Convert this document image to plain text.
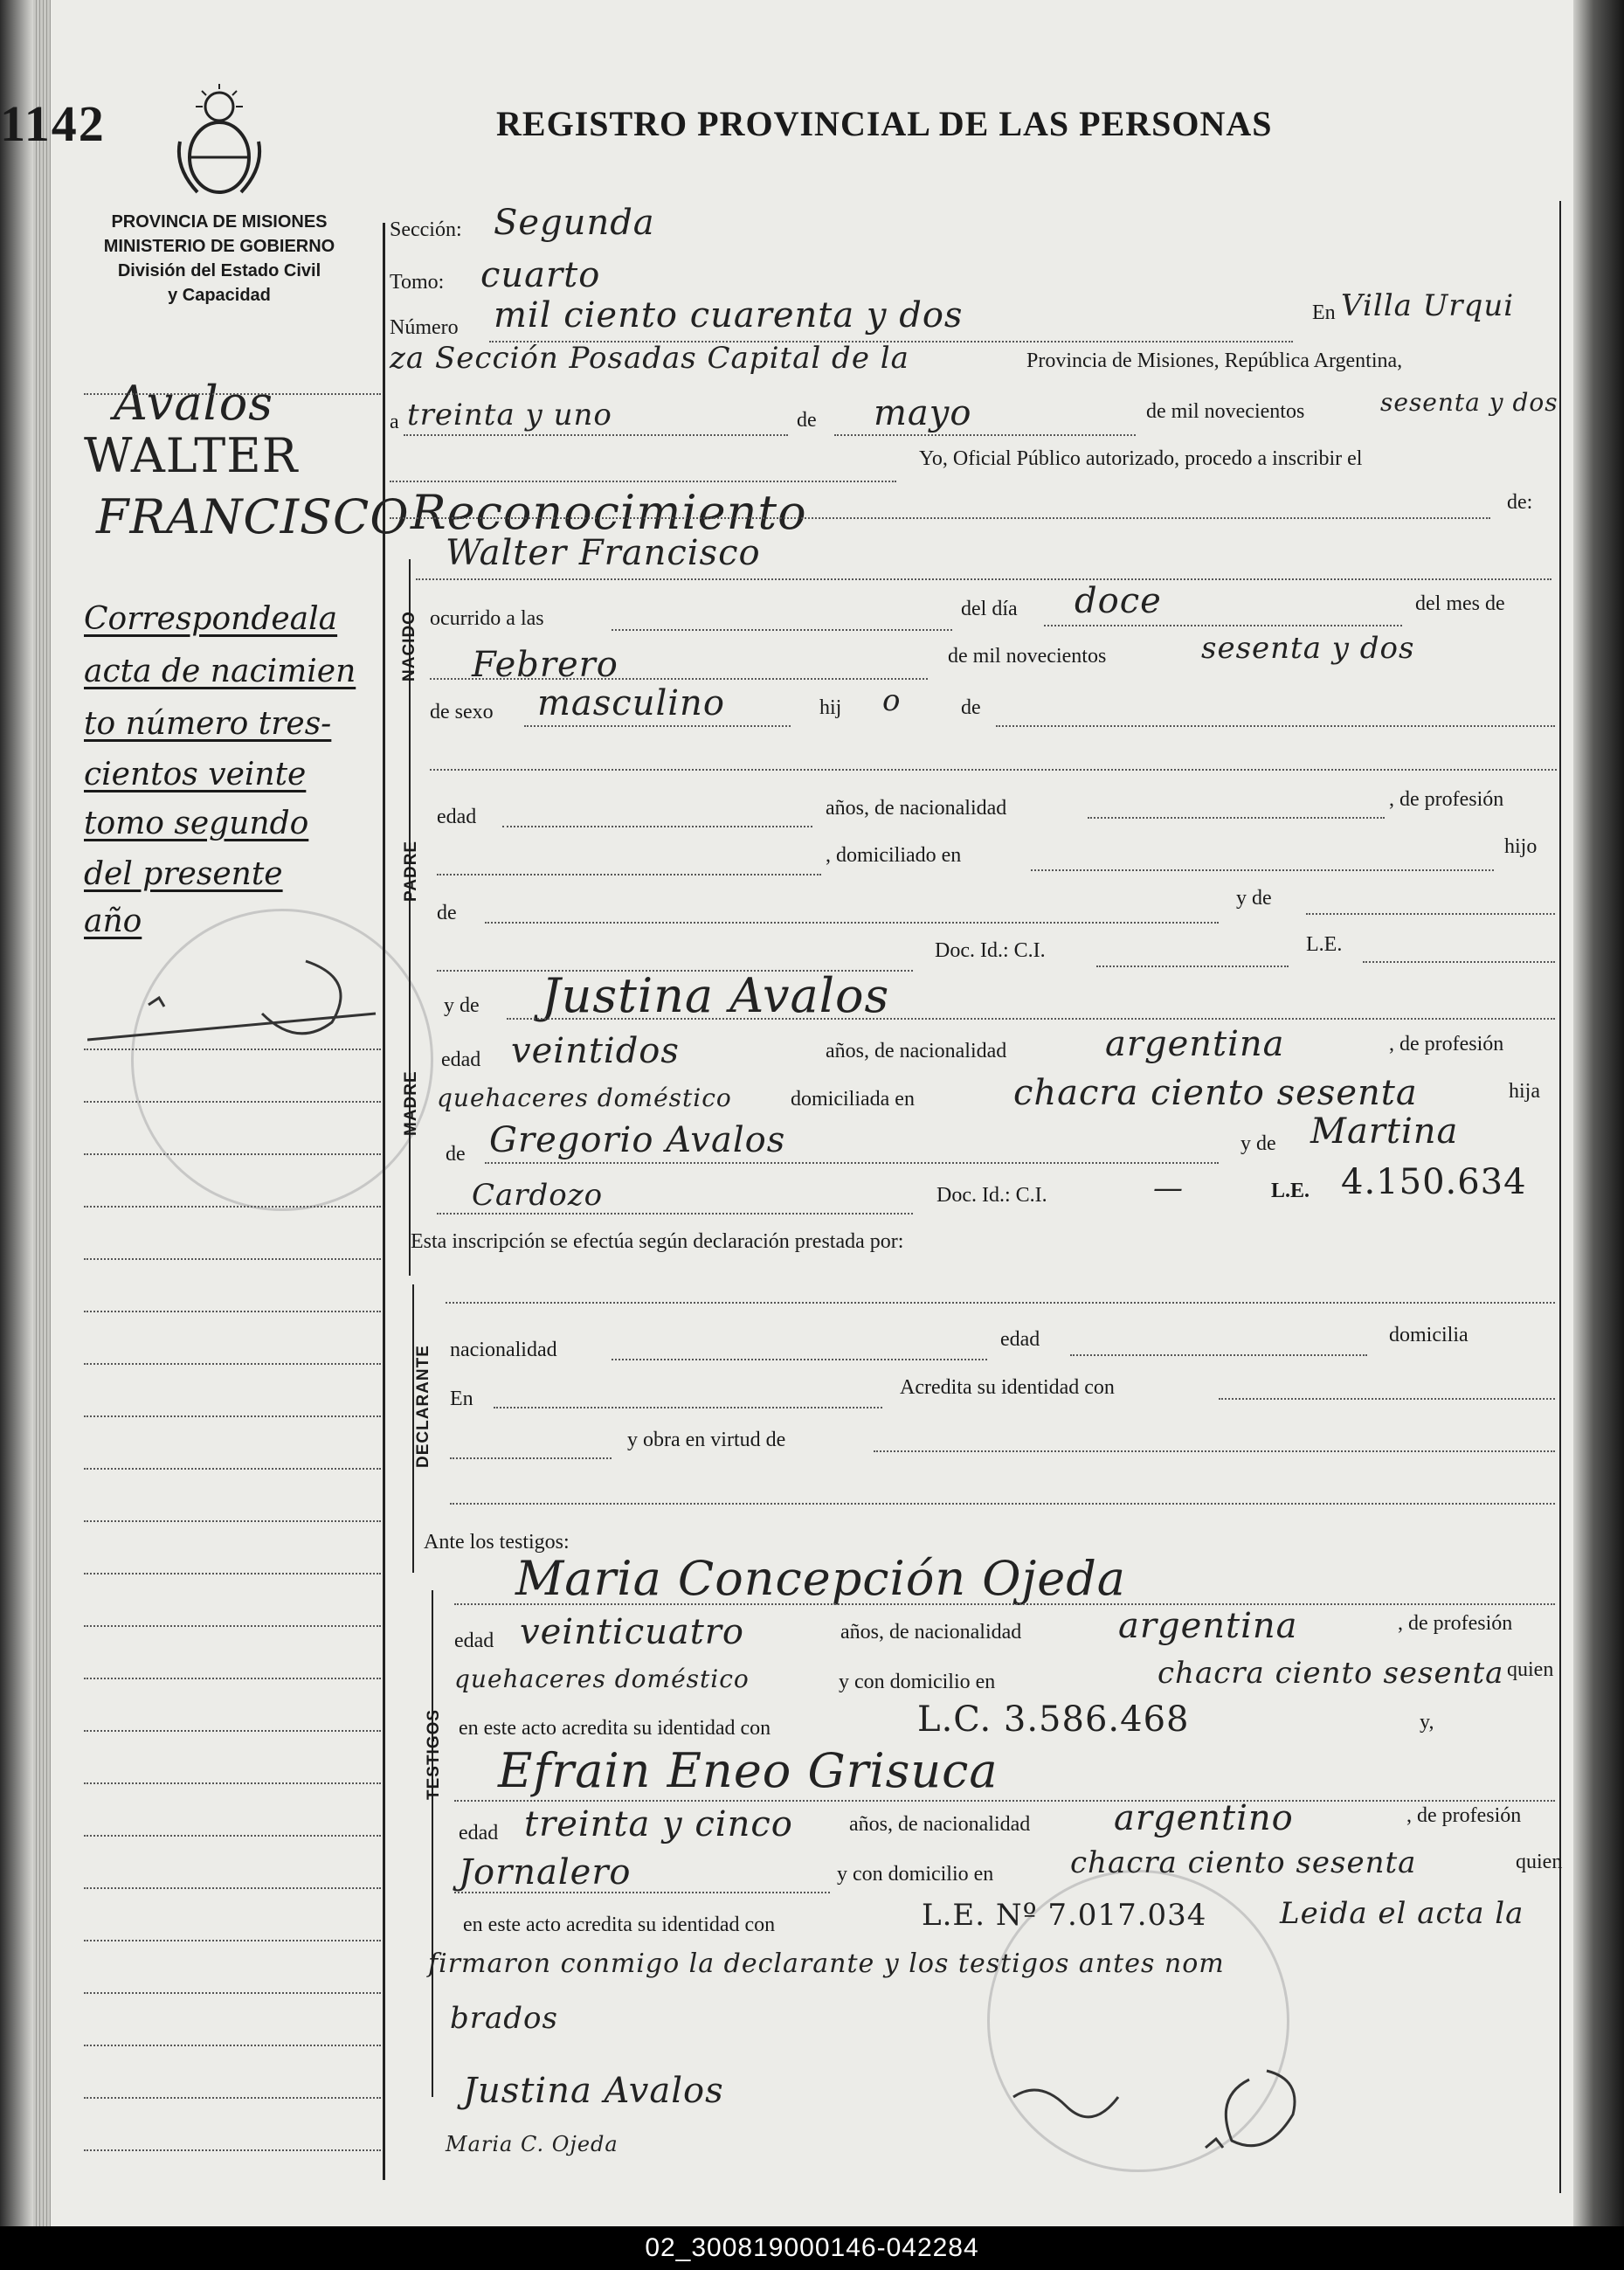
1142	REGISTRO PROVINCIAL DE LAS PERSONAS
PROVINCIA DE MISIONES
MINISTERIO DE GOBIERNO
División del Estado Civil
y Capacidad
NACIDO
PADRE
MADRE
DECLARANTE
TESTIGOS
Avalos
WALTER
FRANCISCO
Correspondeala
acta de nacimien
to número tres-
cientos veinte
tomo segundo
del presente
año
Sección: Segunda
Tomo: cuarto
Número mil ciento cuarenta y dos	En Villa Urqui
za Sección Posadas Capital de la	Provincia de Misiones, República Argentina,
a treinta y uno	de mayo	de mil novecientos	sesenta y dos
Yo, Oficial Público autorizado, procedo a inscribir el
Reconocimiento	de:
Walter Francisco
ocurrido a las	del día doce	del mes de
Febrero	de mil novecientos	sesenta y dos
de sexo masculino	hij o	de
edad	años, de nacionalidad	, de profesión
, domiciliado en	hijo
de
y de
Doc. Id.: C.I.	L.E.
y de Justina Avalos
edad veintidos	años, de nacionalidad	argentina	, de profesión
quehaceres doméstico	domiciliada en	chacra ciento sesenta	hija
de Gregorio Avalos	y de Martina
Cardozo	Doc. Id.: C.I.	—	L.E. 4.150.634
Esta inscripción se efectúa según declaración prestada por:
nacionalidad	edad	domicilia
En	Acredita su identidad con
y obra en virtud de
Ante los testigos:
Maria Concepción Ojeda
edad veinticuatro	años, de nacionalidad	argentina	, de profesión
quehaceres doméstico	y con domicilio en	chacra ciento sesenta quien
en este acto acredita su identidad con	L.C. 3.586.468	y,
Efrain Eneo Grisuca
edad treinta y cinco	años, de nacionalidad argentino	, de profesión
Jornalero	y con domicilio en	chacra ciento sesenta	quien
en este acto acredita su identidad con	L.E. Nº 7.017.034 Leida el acta la
firmaron conmigo la declarante y los testigos antes nom
brados
Justina Avalos
Maria C. Ojeda
02_300819000146-042284
